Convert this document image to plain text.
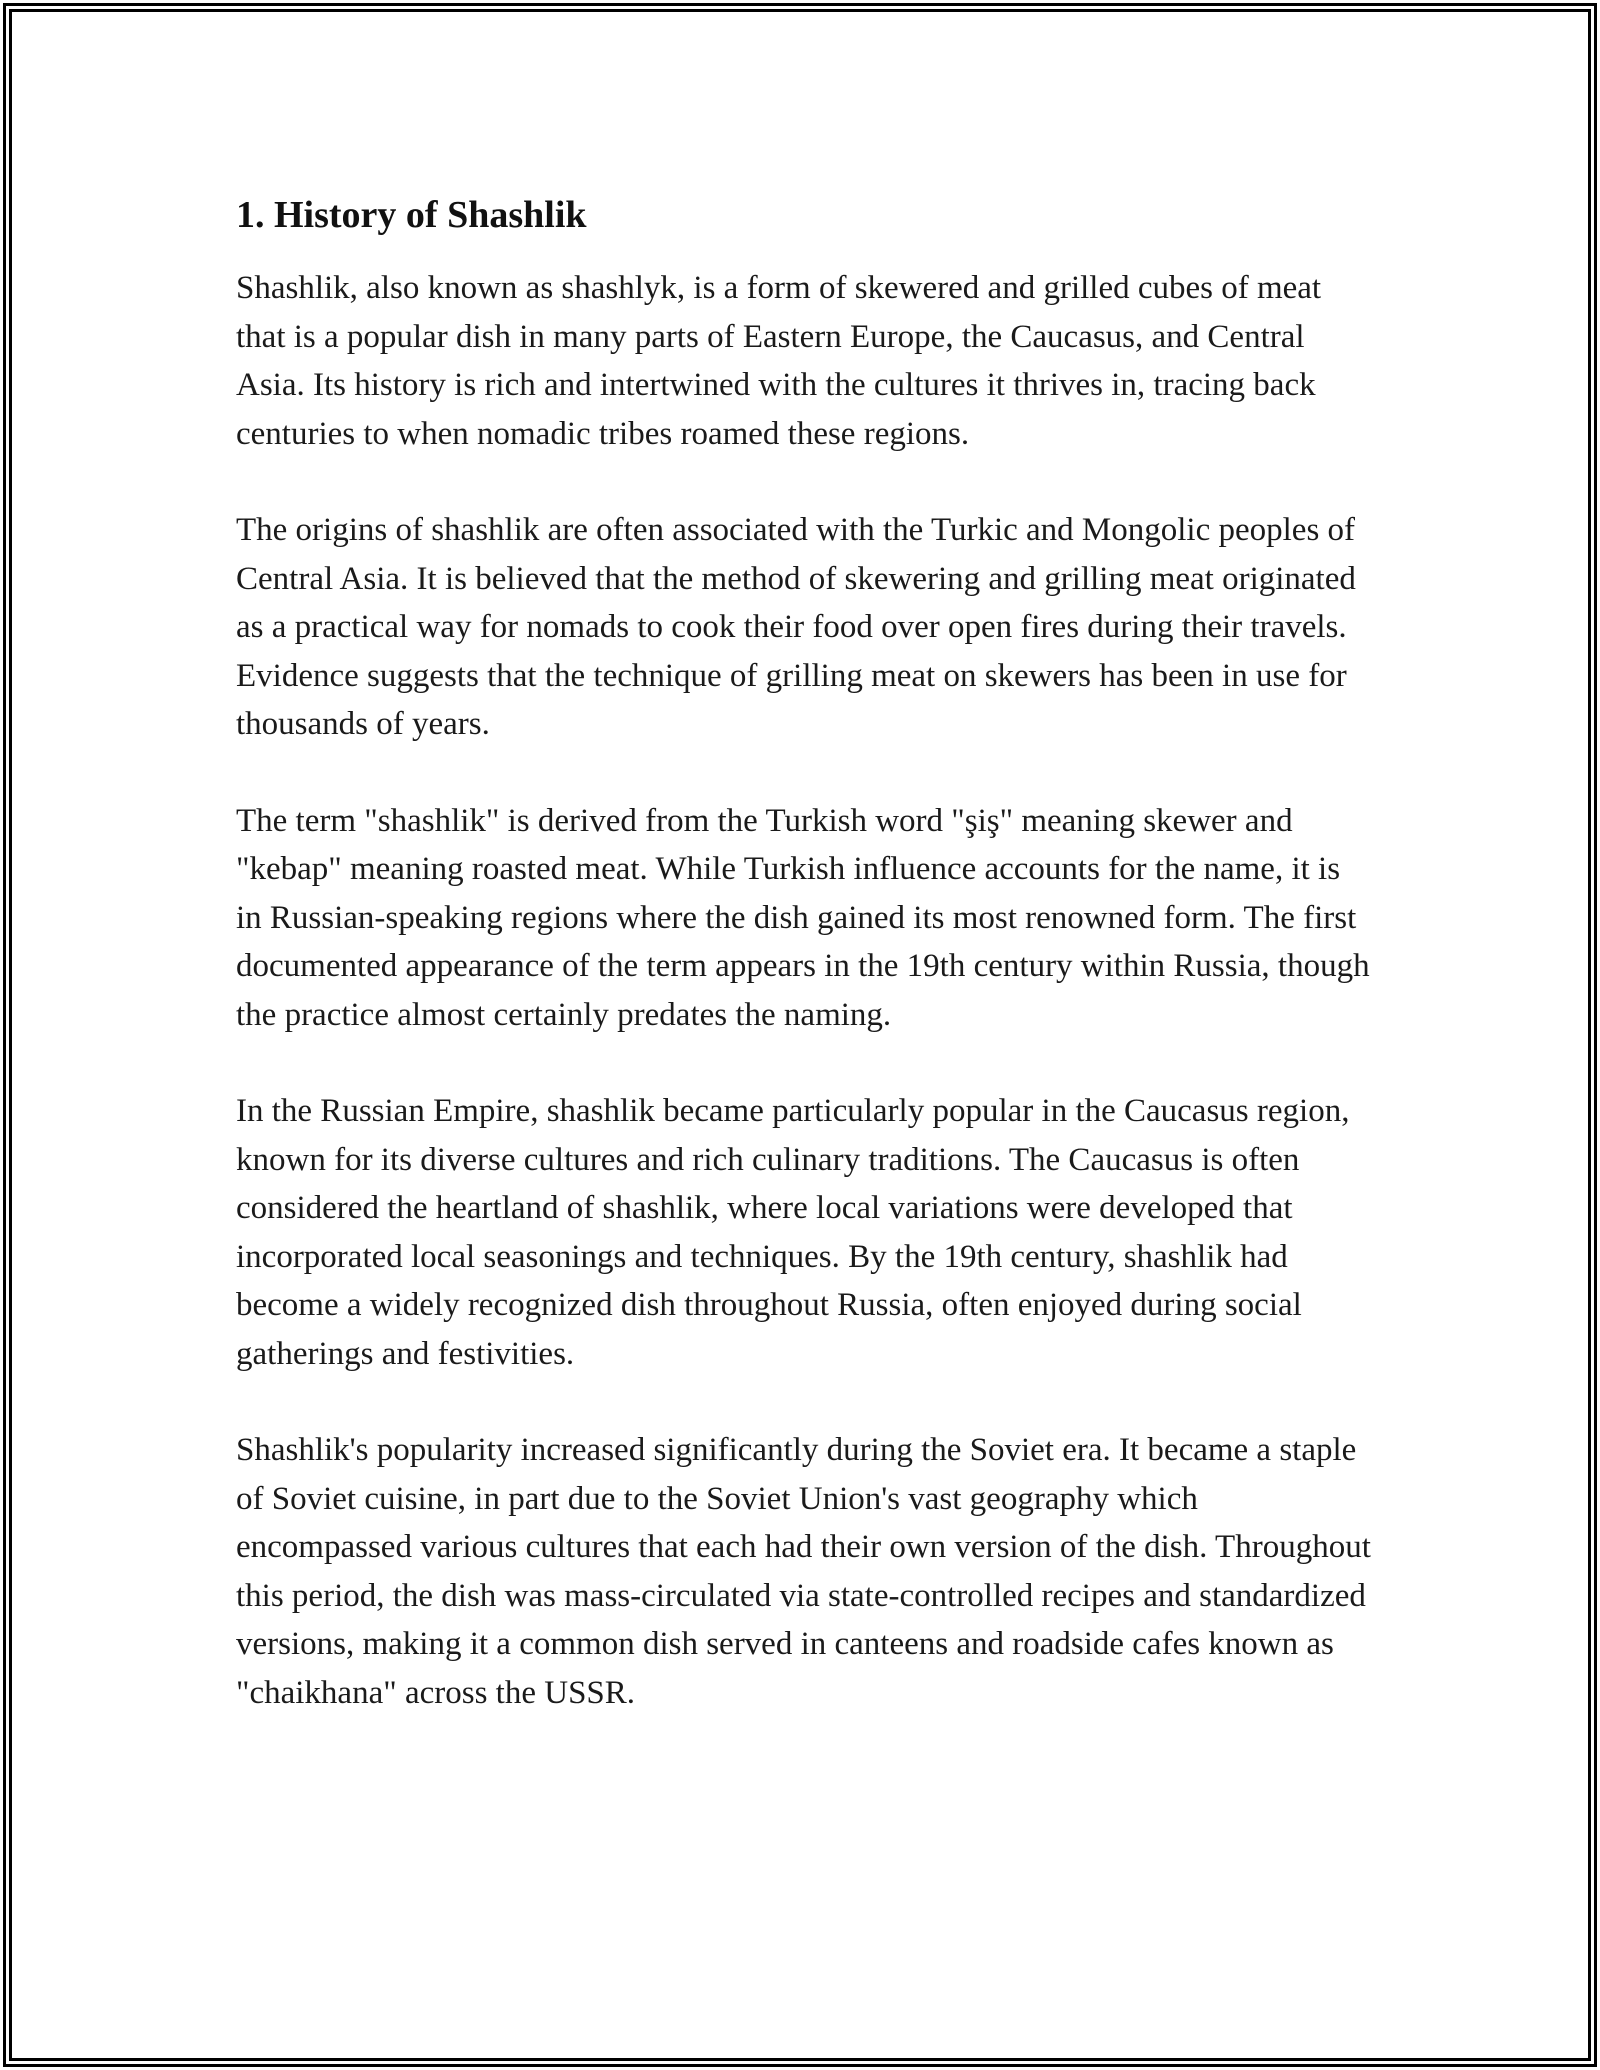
1. History of Shashlik

Shashlik, also known as shashlyk, is a form of skewered and grilled cubes of meat that is a popular dish in many parts of Eastern Europe, the Caucasus, and Central Asia. Its history is rich and intertwined with the cultures it thrives in, tracing back centuries to when nomadic tribes roamed these regions.

The origins of shashlik are often associated with the Turkic and Mongolic peoples of Central Asia. It is believed that the method of skewering and grilling meat originated as a practical way for nomads to cook their food over open fires during their travels. Evidence suggests that the technique of grilling meat on skewers has been in use for thousands of years.

The term "shashlik" is derived from the Turkish word "şiş" meaning skewer and "kebap" meaning roasted meat. While Turkish influence accounts for the name, it is in Russian-speaking regions where the dish gained its most renowned form. The first documented appearance of the term appears in the 19th century within Russia, though the practice almost certainly predates the naming.

In the Russian Empire, shashlik became particularly popular in the Caucasus region, known for its diverse cultures and rich culinary traditions. The Caucasus is often considered the heartland of shashlik, where local variations were developed that incorporated local seasonings and techniques. By the 19th century, shashlik had become a widely recognized dish throughout Russia, often enjoyed during social gatherings and festivities.

Shashlik's popularity increased significantly during the Soviet era. It became a staple of Soviet cuisine, in part due to the Soviet Union's vast geography which encompassed various cultures that each had their own version of the dish. Throughout this period, the dish was mass-circulated via state-controlled recipes and standardized versions, making it a common dish served in canteens and roadside cafes known as "chaikhana" across the USSR.
